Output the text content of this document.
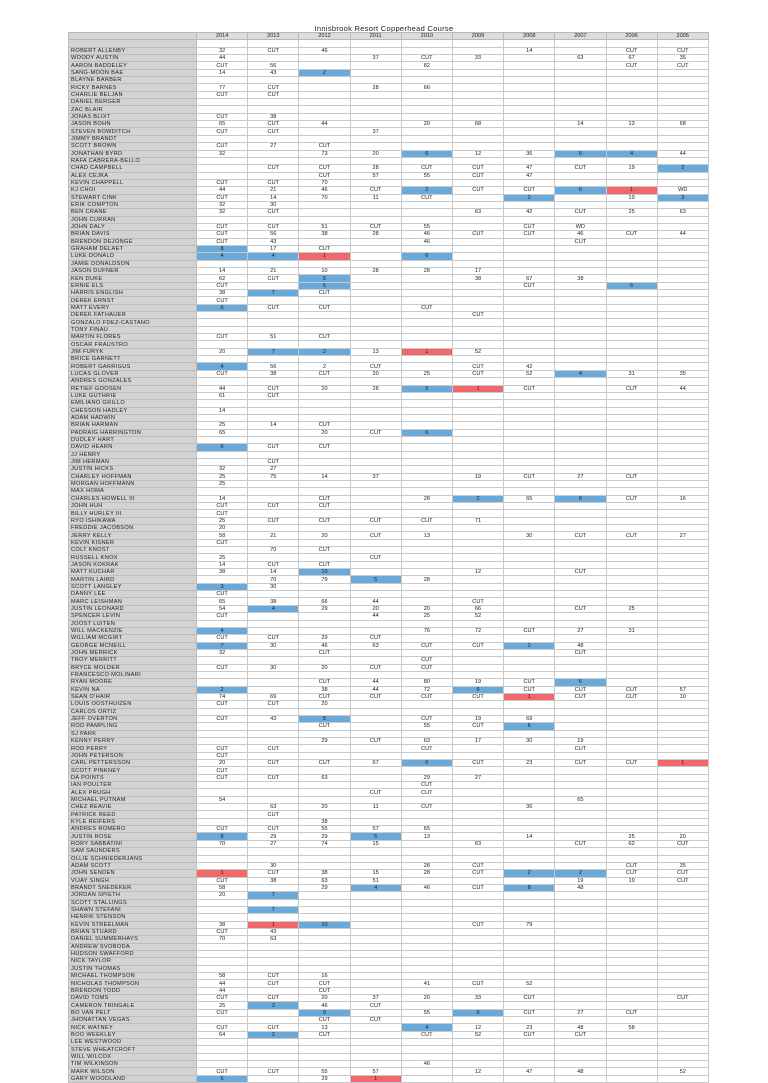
Innisbrook Resort Copperhead Course
	2014	2013	2012	2011	2010	2009	2008	2007	2006	2005

ROBERT ALLENBY	32	CUT	46				14		CUT	CUT
WOODY AUSTIN	44			37	CUT	33		63	67	35
AARON BADDELEY	CUT	56			82				CUT	CUT
SANG-MOON BAE	14	43	2							
BLAYNE BARBER										
RICKY BARNES	77	CUT		28	66					
CHARLIE BELJAN	CUT	CUT								
DANIEL BERGER										
ZAC BLAIR										
JONAS BLIXT	CUT	38								
JASON BOHN	65	CUT	44		20	68		14	13	68
STEVEN BOWDITCH	CUT	CUT		37						
JIMMY BRANDT										
SCOTT BROWN	CUT	27	CUT							
JONATHAN BYRD	32		73	20	6	12	36	6	4	44
RAFA CABRERA-BELLO										
CHAD CAMPBELL		CUT	CUT	28	CUT	CUT	47	CUT	19	2
ALEX CEJKA			CUT	57	55	CUT	47			
KEVIN CHAPPELL	CUT	CUT	70							
KJ CHOI	44	21	46	CUT	2	CUT	CUT	6	1	WD
STEWART CINK	CUT	14	70	11	CUT		2		19	3
ERIK COMPTON	32	30								
BEN CRANE	32	CUT				63	42	CUT	25	63
JOHN CURRAN										
JOHN DALY	CUT	CUT	51	CUT	55		CUT	WD		
BRIAN DAVIS	CUT	56	38	28	46	CUT	CUT	46	CUT	44
BRENDON DEJONGE	CUT	43			46			CUT		
GRAHAM DELAET	8	17	CUT							
LUKE DONALD	4	4	1		6					
JAMIE DONALDSON										
JASON DUFNER	14	21	10	28	28	17				
KEN DUKE	62	CUT	5			38	67	38		
ERNIE ELS	CUT		5				CUT		6	
HARRIS ENGLISH	38	7	CUT							
DEREK ERNST	CUT									
MATT EVERY	6	CUT	CUT		CUT					
DEREK FATHAUER						CUT				
GONZALO FDEZ-CASTANO										
TONY FINAU										
MARTIN FLORES	CUT	51	CUT							
OSCAR FRAUSTRO										
JIM FURYK	20	7	2	13	1	52				
BRICE GARNETT										
ROBERT GARRIGUS	4	56	2	CUT		CUT	42			
LUCAS GLOVER	CUT	38	CUT	20	25	CUT	52	4	31	35
ANDRES GONZALES										
RETIEF GOOSEN	44	CUT	20	28	5	1	CUT		CUT	44
LUKE GUTHRIE	61	CUT								
EMILIANO GRILLO										
CHESSON HADLEY	14									
ADAM HADWIN										
BRIAN HARMAN	25	14	CUT							
PADRAIG HARRINGTON	65		20	CUT	6					
DUDLEY HART										
DAVID HEARN	6	CUT	CUT							
JJ HENRY										
JIM HERMAN		CUT								
JUSTIN HICKS	32	27								
CHARLEY HOFFMAN	25	75	14	37		19	CUT	27	CUT	
MORGAN HOFFMANN	25									
MAX HOMA										
CHARLES HOWELL III	14		CUT		28	2	65	6	CUT	16
JOHN HUH	CUT	CUT	CUT							
BILLY HURLEY III	CUT									
RYO ISHIKAWA	25	CUT	CUT	CUT	CUT	71				
FREDDIE JACOBSON	20									
JERRY KELLY	58	21	20	CUT	13		30	CUT	CUT	27
KEVIN KISNER	CUT									
COLT KNOST		70	CUT							
RUSSELL KNOX	25			CUT						
JASON KOKRAK	14	CUT	CUT							
MATT KUCHAR	38	14	10			12		CUT		
MARTIN LAIRD		70	79	5	28					
SCOTT LANGLEY	3	30								
DANNY LEE	CUT									
MARC LEISHMAN	65	38	66	44		CUT				
JUSTIN LEONARD	54	4	29	20	20	66		CUT	25	
SPENCER LEVIN	CUT			44	25	52				
JOOST LUITEN										
WILL MACKENZIE	4				76	72	CUT	27	31	
WILLIAM MCGIRT	CUT	CUT	29	CUT						
GEORGE MCNEILL	7	30	46	63	CUT	CUT	2	48		
JOHN MERRICK	32		CUT					CUT		
TROY MERRITT					CUT					
BRYCE MOLDER	CUT	30	20	CUT	CUT					
FRANCESCO MOLINARI										
RYAN MOORE			CUT	44	80	19	CUT	6		
KEVIN NA	2		38	44	72	6	CUT	CUT	CUT	57
SEAN O'HAIR	74	69	CUT	CUT	CUT	CUT	1	CUT	CUT	10
LOUIS OOSTHUIZEN	CUT	CUT	20							
CARLOS ORTIZ										
JEFF OVERTON	CUT	43	5		CUT	19	69			
ROD PAMPLING			CUT		55	CUT	6			
SJ PARK										
KENNY PERRY			29	CUT	63	17	30	19		
ROD PERRY	CUT	CUT			CUT			CUT		
JOHN PETERSON	CUT									
CARL PETTERSSON	20	CUT	CUT	67	6	CUT	23	CUT	CUT	1
SCOTT PINKNEY	CUT									
DA POINTS	CUT	CUT	63		29	27				
IAN POULTER					CUT					
ALEX PRUGH				CUT	CUT					
MICHAEL PUTNAM	54							65		
CHEZ REAVIE		63	20	11	CUT		36			
PATRICK REED		CUT								
KYLE REIFERS			38							
ANDRES ROMERO	CUT	CUT	55	57	65					
JUSTIN ROSE	8	29	29	5	13		14		25	20
RORY SABBATINI	70	27	74	15		63		CUT	62	CUT
SAM SAUNDERS										
OLLIE SCHNIEDERJANS										
ADAM SCOTT		30			28	CUT			CUT	35
JOHN SENDEN	1	CUT	38	15	28	CUT	2	2	CUT	CUT
VIJAY SINGH	CUT	38	63	51				19	19	CUT
BRANDT SNEDEKER	58		29	4	46	CUT	8	48		
JORDAN SPIETH	20	7								
SCOTT STALLINGS										
SHAWN STEFANI		7								
HENRIK STENSON										
KEVIN STREELMAN	38	1	10			CUT	79			
BRIAN STUARD	CUT	43								
DANIEL SUMMERHAYS	70	63								
ANDREW SVOBODA										
HUDSON SWAFFORD										
NICK TAYLOR										
JUSTIN THOMAS										
MICHAEL THOMPSON	58	CUT	16							
NICHOLAS THOMPSON	44	CUT	CUT		41	CUT	52			
BRENDON TODD	44		CUT							
DAVID TOMS	CUT	CUT	20	37	20	33	CUT			CUT
CAMERON TRINGALE	25	3	46	CUT						
BO VAN PELT	CUT		9		55	6	CUT	27	CUT	
JHONATTAN VEGAS			CUT	CUT						
NICK WATNEY	CUT	CUT	13		4	12	23	48	58	
BOO WEEKLEY	64	2	CUT		CUT	52	CUT	CUT		
LEE WESTWOOD										
STEVE WHEATCROFT										
WILL WILCOX										
TIM WILKINSON					46					
MARK WILSON	CUT	CUT	55	57		12	47	48		52
GARY WOODLAND	6		29	1						
